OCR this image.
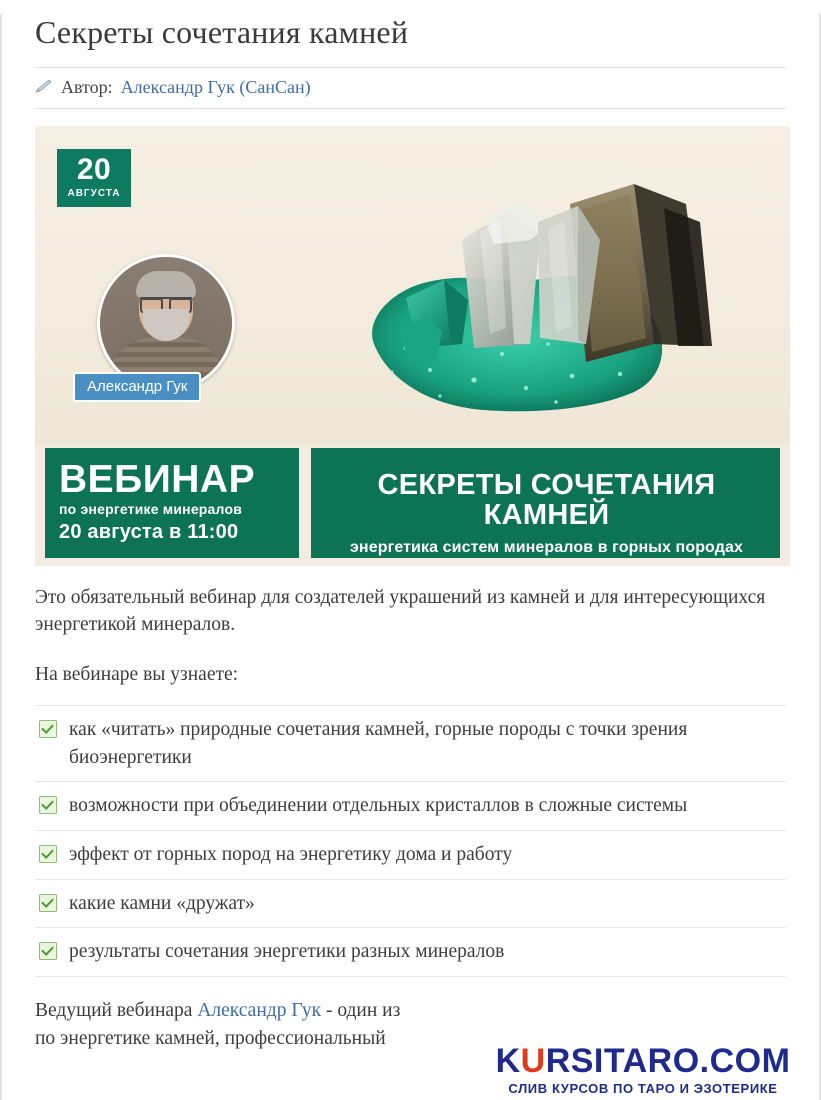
Секреты сочетания камней
Автор: Александр Гук (СанСан)
20
АВГУСТА
Александр Гук
ВЕБИНАР
по энергетике минералов
20 августа в 11:00
СЕКРЕТЫ СОЧЕТАНИЯ КАМНЕЙ
энергетика систем минералов в горных породах

Это обязательный вебинар для создателей украшений из камней и для интересующихся энергетикой минералов.

На вебинаре вы узнаете:

как «читать» природные сочетания камней, горные породы с точки зрения биоэнергетики
возможности при объединении отдельных кристаллов в сложные системы
эффект от горных пород на энергетику дома и работу
какие камни «дружат»
результаты сочетания энергетики разных минералов

Ведущий вебинара Александр Гук - один из
по энергетике камней, профессиональный

KURSITARO.COM
СЛИВ КУРСОВ ПО ТАРО И ЭЗОТЕРИКЕ
